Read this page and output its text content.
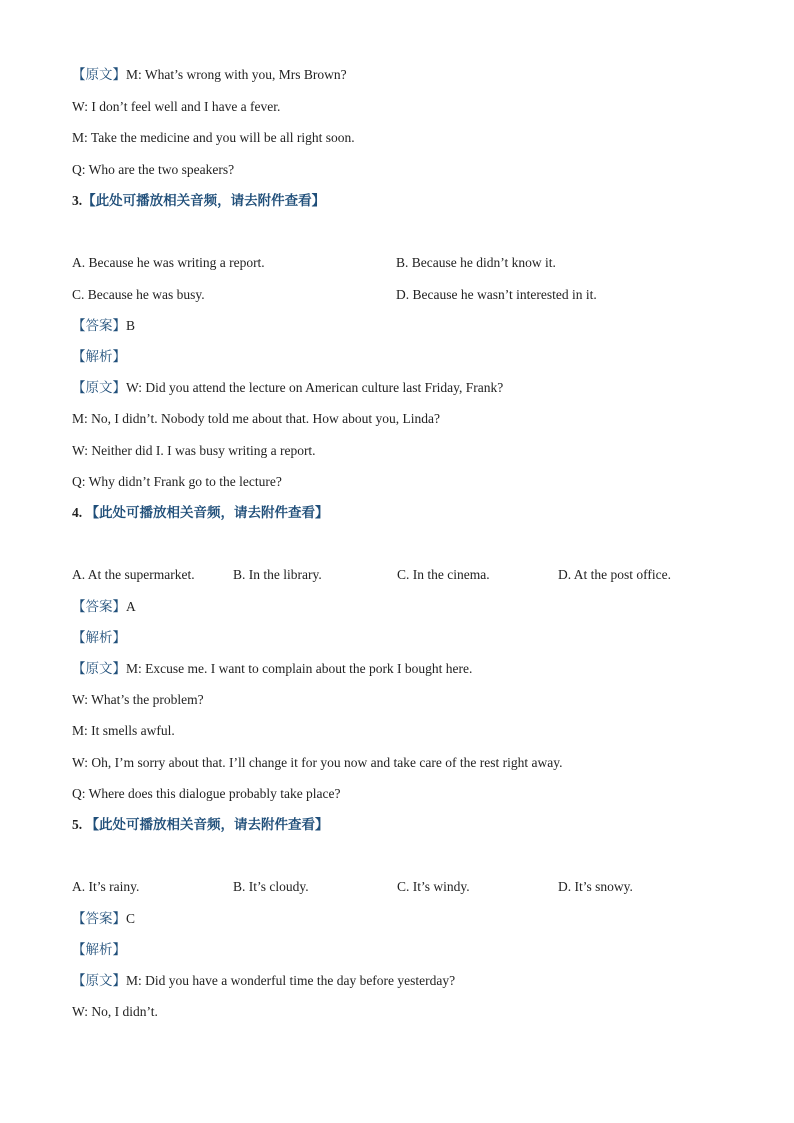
【原文】M: What’s wrong with you, Mrs Brown?
W: I don’t feel well and I have a fever.
M: Take the medicine and you will be all right soon.
Q: Who are the two speakers?
3.【此处可播放相关音频，请去附件查看】
A. Because he was writing a report.	B. Because he didn’t know it.
C. Because he was busy.	D. Because he wasn’t interested in it.
【答案】B
【解析】
【原文】W: Did you attend the lecture on American culture last Friday, Frank?
M: No, I didn’t. Nobody told me about that. How about you, Linda?
W: Neither did I. I was busy writing a report.
Q: Why didn’t Frank go to the lecture?
4. 【此处可播放相关音频，请去附件查看】
A. At the supermarket.	B. In the library.	C. In the cinema.	D. At the post office.
【答案】A
【解析】
【原文】M: Excuse me. I want to complain about the pork I bought here.
W: What’s the problem?
M: It smells awful.
W: Oh, I’m sorry about that. I’ll change it for you now and take care of the rest right away.
Q: Where does this dialogue probably take place?
5. 【此处可播放相关音频，请去附件查看】
A. It’s rainy.	B. It’s cloudy.	C. It’s windy.	D. It’s snowy.
【答案】C
【解析】
【原文】M: Did you have a wonderful time the day before yesterday?
W: No, I didn’t.
